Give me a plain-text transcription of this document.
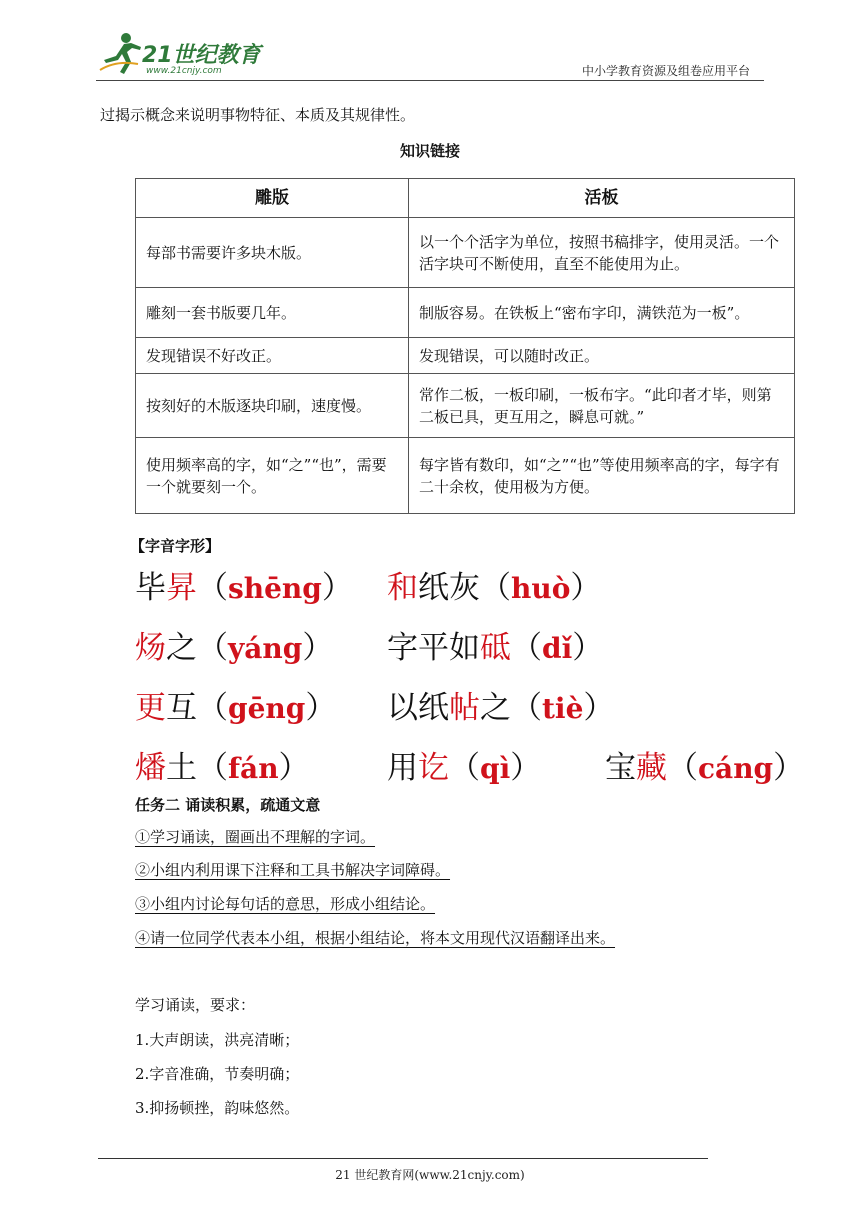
21世纪教育
www.21cnjy.com	中小学教育资源及组卷应用平台
过揭示概念来说明事物特征、本质及其规律性。
知识链接
雕版	活板
每部书需要许多块木版。	以一个个活字为单位，按照书稿排字，使用灵活。一个活字块可不断使用，直至不能使用为止。
雕刻一套书版要几年。	制版容易。在铁板上“密布字印，满铁范为一板”。
发现错误不好改正。	发现错误，可以随时改正。
按刻好的木版逐块印刷，速度慢。	常作二板，一板印刷，一板布字。“此印者才毕，则第二板已具，更互用之，瞬息可就。”
使用频率高的字，如“之”“也”，需要一个就要刻一个。	每字皆有数印，如“之”“也”等使用频率高的字，每字有二十余枚，使用极为方便。
【字音字形】
毕昇（shēng） 和纸灰（huò）
炀之（yáng） 字平如砥（dǐ）
更互（gēng） 以纸帖之（tiè）
燔土（fán） 用讫（qì） 宝藏（cáng）
任务二 诵读积累，疏通文意
①学习诵读，圈画出不理解的字词。
②小组内利用课下注释和工具书解决字词障碍。
③小组内讨论每句话的意思，形成小组结论。
④请一位同学代表本小组，根据小组结论，将本文用现代汉语翻译出来。
学习诵读，要求：
1.大声朗读，洪亮清晰；
2.字音准确，节奏明确；
3.抑扬顿挫，韵味悠然。
21 世纪教育网(www.21cnjy.com)
